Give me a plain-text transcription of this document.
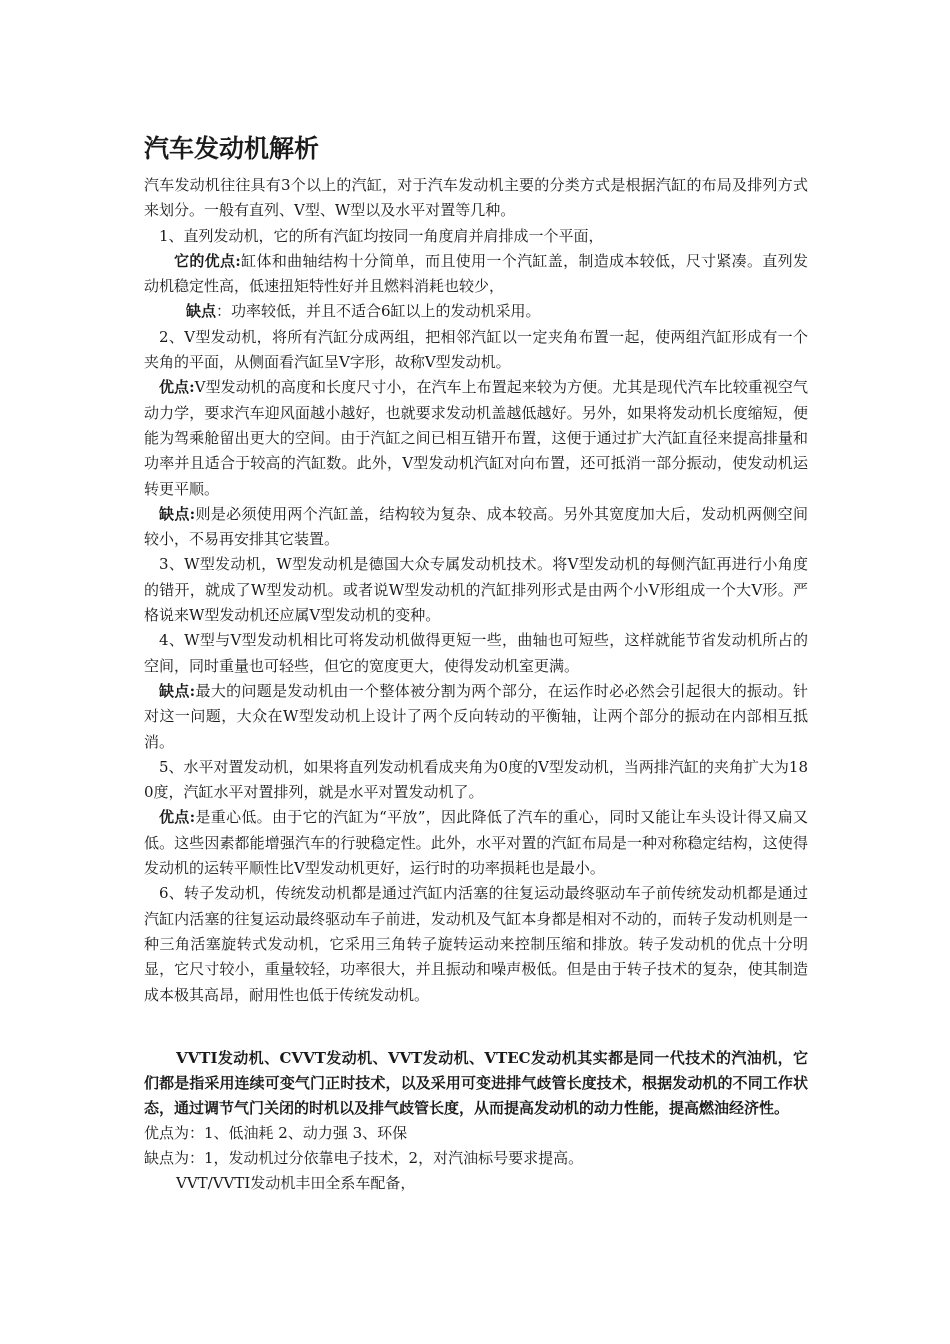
汽车发动机解析

汽车发动机往往具有3个以上的汽缸，对于汽车发动机主要的分类方式是根据汽缸的布局及排列方式来划分。一般有直列、V型、W型以及水平对置等几种。

1、直列发动机，它的所有汽缸均按同一角度肩并肩排成一个平面，

它的优点:缸体和曲轴结构十分简单，而且使用一个汽缸盖，制造成本较低，尺寸紧凑。直列发动机稳定性高，低速扭矩特性好并且燃料消耗也较少，

缺点：功率较低，并且不适合6缸以上的发动机采用。

2、V型发动机，将所有汽缸分成两组，把相邻汽缸以一定夹角布置一起，使两组汽缸形成有一个夹角的平面，从侧面看汽缸呈V字形，故称V型发动机。

优点:V型发动机的高度和长度尺寸小，在汽车上布置起来较为方便。尤其是现代汽车比较重视空气动力学，要求汽车迎风面越小越好，也就要求发动机盖越低越好。另外，如果将发动机长度缩短，便能为驾乘舱留出更大的空间。由于汽缸之间已相互错开布置，这便于通过扩大汽缸直径来提高排量和功率并且适合于较高的汽缸数。此外，V型发动机汽缸对向布置，还可抵消一部分振动，使发动机运转更平顺。

缺点:则是必须使用两个汽缸盖，结构较为复杂、成本较高。另外其宽度加大后，发动机两侧空间较小，不易再安排其它装置。

3、W型发动机，W型发动机是德国大众专属发动机技术。将V型发动机的每侧汽缸再进行小角度的错开，就成了W型发动机。或者说W型发动机的汽缸排列形式是由两个小V形组成一个大V形。严格说来W型发动机还应属V型发动机的变种。

4、W型与V型发动机相比可将发动机做得更短一些，曲轴也可短些，这样就能节省发动机所占的空间，同时重量也可轻些，但它的宽度更大，使得发动机室更满。

缺点:最大的问题是发动机由一个整体被分割为两个部分，在运作时必必然会引起很大的振动。针对这一问题，大众在W型发动机上设计了两个反向转动的平衡轴，让两个部分的振动在内部相互抵消。

5、水平对置发动机，如果将直列发动机看成夹角为0度的V型发动机，当两排汽缸的夹角扩大为180度，汽缸水平对置排列，就是水平对置发动机了。

优点:是重心低。由于它的汽缸为“平放”，因此降低了汽车的重心，同时又能让车头设计得又扁又低。这些因素都能增强汽车的行驶稳定性。此外，水平对置的汽缸布局是一种对称稳定结构，这使得发动机的运转平顺性比V型发动机更好，运行时的功率损耗也是最小。

6、转子发动机，传统发动机都是通过汽缸内活塞的往复运动最终驱动车子前传统发动机都是通过汽缸内活塞的往复运动最终驱动车子前进，发动机及气缸本身都是相对不动的，而转子发动机则是一种三角活塞旋转式发动机，它采用三角转子旋转运动来控制压缩和排放。转子发动机的优点十分明显，它尺寸较小，重量较轻，功率很大，并且振动和噪声极低。但是由于转子技术的复杂，使其制造成本极其高昂，耐用性也低于传统发动机。

VVTI发动机、CVVT发动机、VVT发动机、VTEC发动机其实都是同一代技术的汽油机，它们都是指采用连续可变气门正时技术，以及采用可变进排气歧管长度技术，根据发动机的不同工作状态，通过调节气门关闭的时机以及排气歧管长度，从而提高发动机的动力性能，提高燃油经济性。

优点为：1、低油耗 2、动力强 3、环保

缺点为：1，发动机过分依靠电子技术，2，对汽油标号要求提高。

VVT/VVTI发动机丰田全系车配备，
